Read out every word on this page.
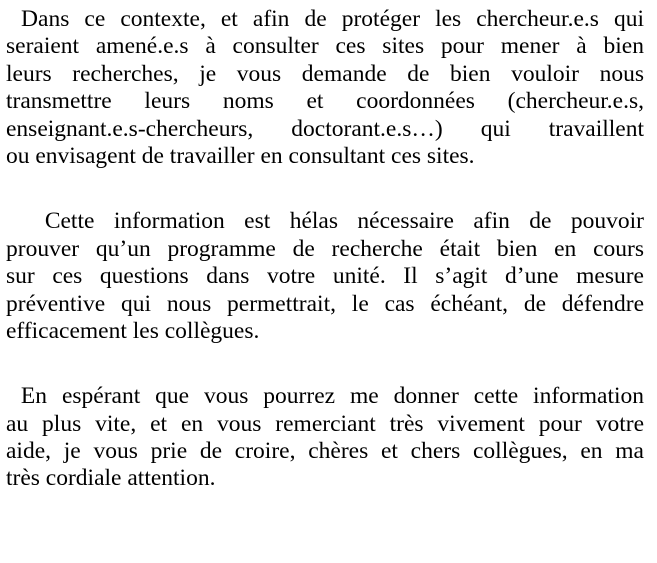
Dans ce contexte, et afin de protéger les chercheur.e.s qui
seraient amené.e.s à consulter ces sites pour mener à bien
leurs recherches, je vous demande de bien vouloir nous
transmettre leurs noms et coordonnées (chercheur.e.s,
enseignant.e.s-chercheurs, doctorant.e.s…) qui travaillent
ou envisagent de travailler en consultant ces sites.

Cette information est hélas nécessaire afin de pouvoir
prouver qu’un programme de recherche était bien en cours
sur ces questions dans votre unité. Il s’agit d’une mesure
préventive qui nous permettrait, le cas échéant, de défendre
efficacement les collègues.

En espérant que vous pourrez me donner cette information
au plus vite, et en vous remerciant très vivement pour votre
aide, je vous prie de croire, chères et chers collègues, en ma
très cordiale attention.
